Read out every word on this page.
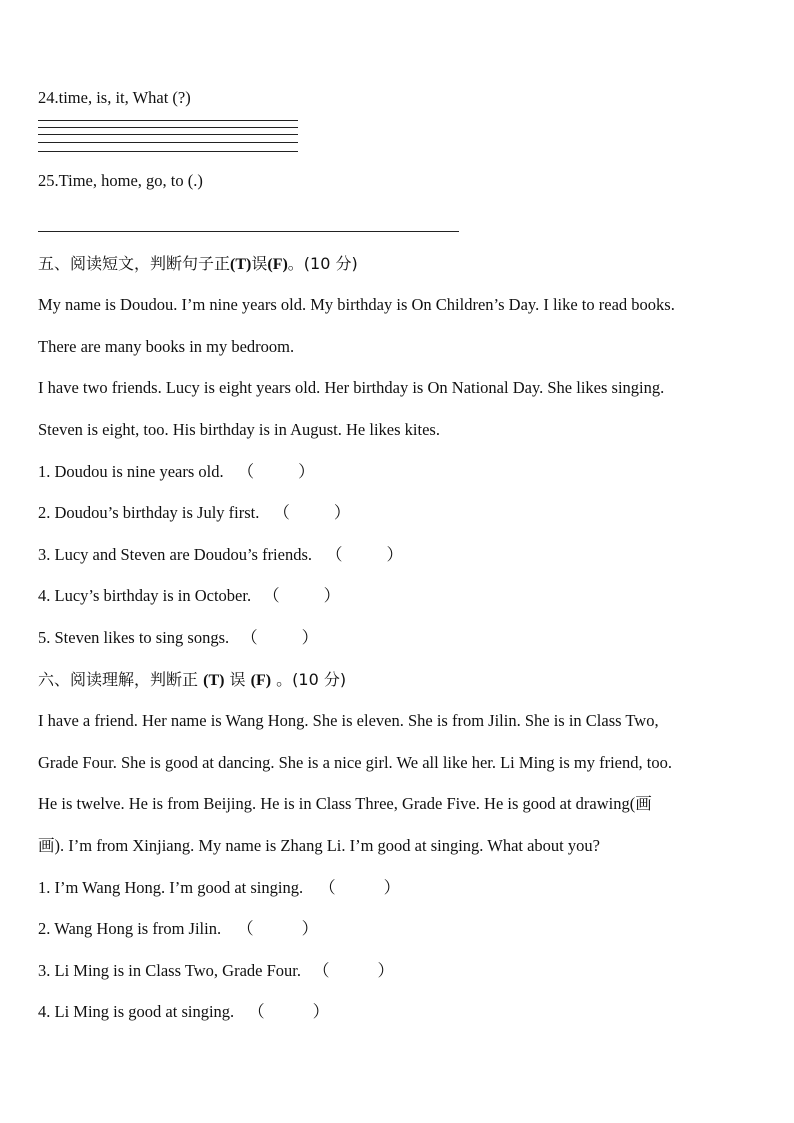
24.time, is, it, What (?)
25.Time, home, go, to (.)
五、阅读短文，判断句子正(T)误(F)。(10 分)
My name is Doudou. I’m nine years old. My birthday is On Children’s Day. I like to read books.
There are many books in my bedroom.
I have two friends. Lucy is eight years old. Her birthday is On National Day. She likes singing.
Steven is eight, too. His birthday is in August. He likes kites.
1. Doudou is nine years old. （	）
2. Doudou’s birthday is July first. （	）
3. Lucy and Steven are Doudou’s friends. （	）
4. Lucy’s birthday is in October. （	）
5. Steven likes to sing songs. （	）
六、阅读理解，判断正 (T) 误 (F) 。(10 分)
I have a friend. Her name is Wang Hong. She is eleven. She is from Jilin. She is in Class Two,
Grade Four. She is good at dancing. She is a nice girl. We all like her. Li Ming is my friend, too.
He is twelve. He is from Beijing. He is in Class Three, Grade Five. He is good at drawing(画
画). I’m from Xinjiang. My name is Zhang Li. I’m good at singing. What about you?
1. I’m Wang Hong. I’m good at singing. （	）
2. Wang Hong is from Jilin. （	）
3. Li Ming is in Class Two, Grade Four. （	）
4. Li Ming is good at singing. （	）
